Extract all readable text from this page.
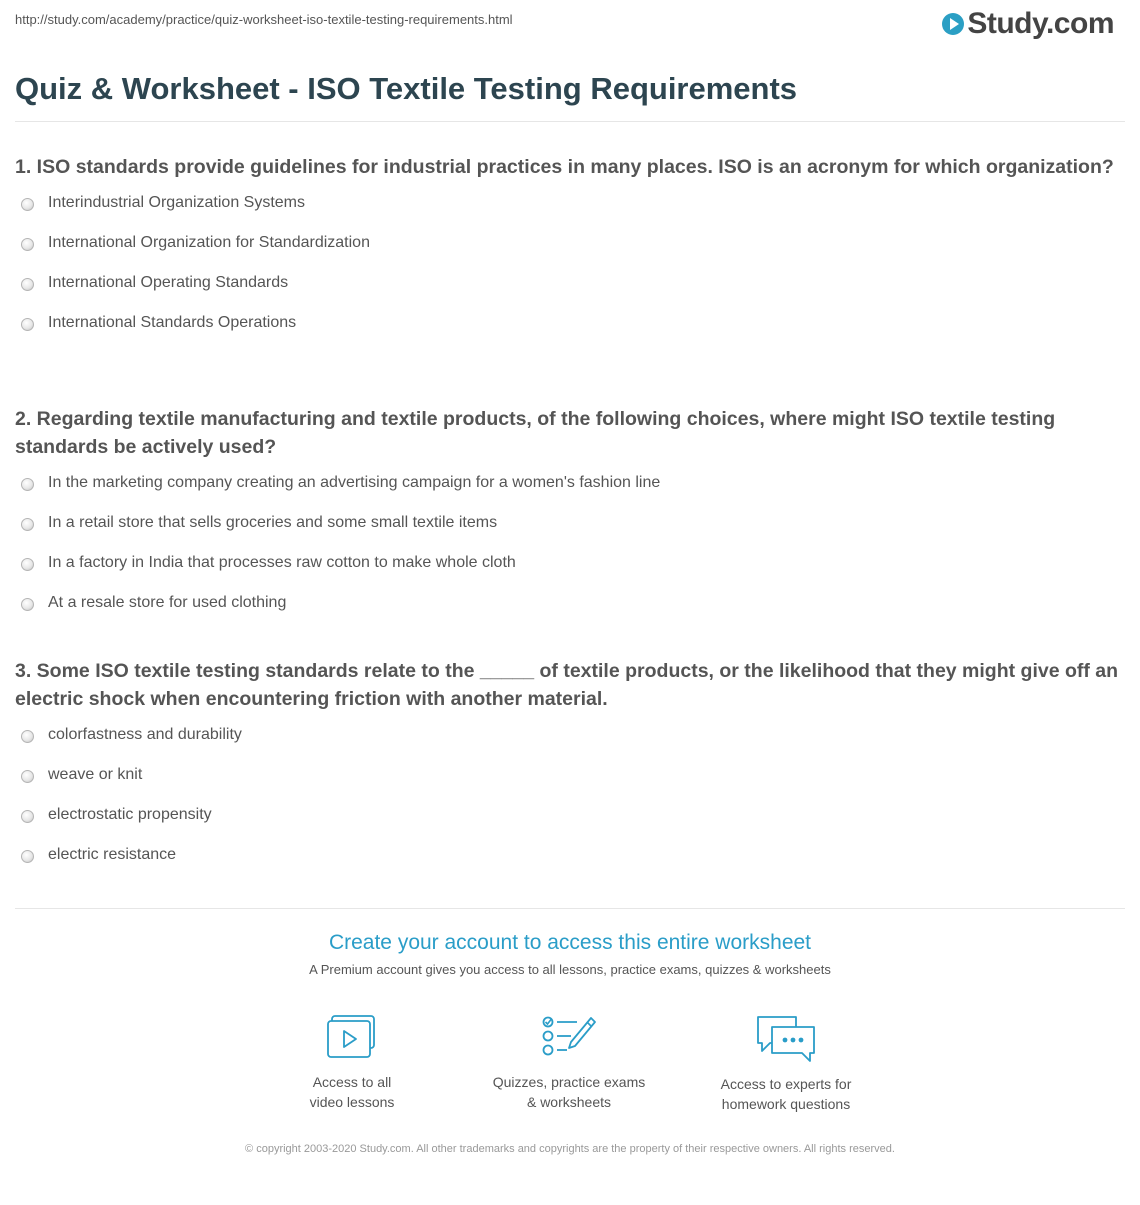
http://study.com/academy/practice/quiz-worksheet-iso-textile-testing-requirements.html	Study.com
Quiz & Worksheet - ISO Textile Testing Requirements

1. ISO standards provide guidelines for industrial practices in many places. ISO is an acronym for which organization?

Interindustrial Organization Systems
International Organization for Standardization
International Operating Standards
International Standards Operations

2. Regarding textile manufacturing and textile products, of the following choices, where might ISO textile testing standards be actively used?

In the marketing company creating an advertising campaign for a women's fashion line
In a retail store that sells groceries and some small textile items
In a factory in India that processes raw cotton to make whole cloth
At a resale store for used clothing

3. Some ISO textile testing standards relate to the _____ of textile products, or the likelihood that they might give off an electric shock when encountering friction with another material.

colorfastness and durability
weave or knit
electrostatic propensity
electric resistance
Create your account to access this entire worksheet
A Premium account gives you access to all lessons, practice exams, quizzes & worksheets
Access to all
video lessons
Quizzes, practice exams
& worksheets
Access to experts for
homework questions
© copyright 2003-2020 Study.com. All other trademarks and copyrights are the property of their respective owners. All rights reserved.
